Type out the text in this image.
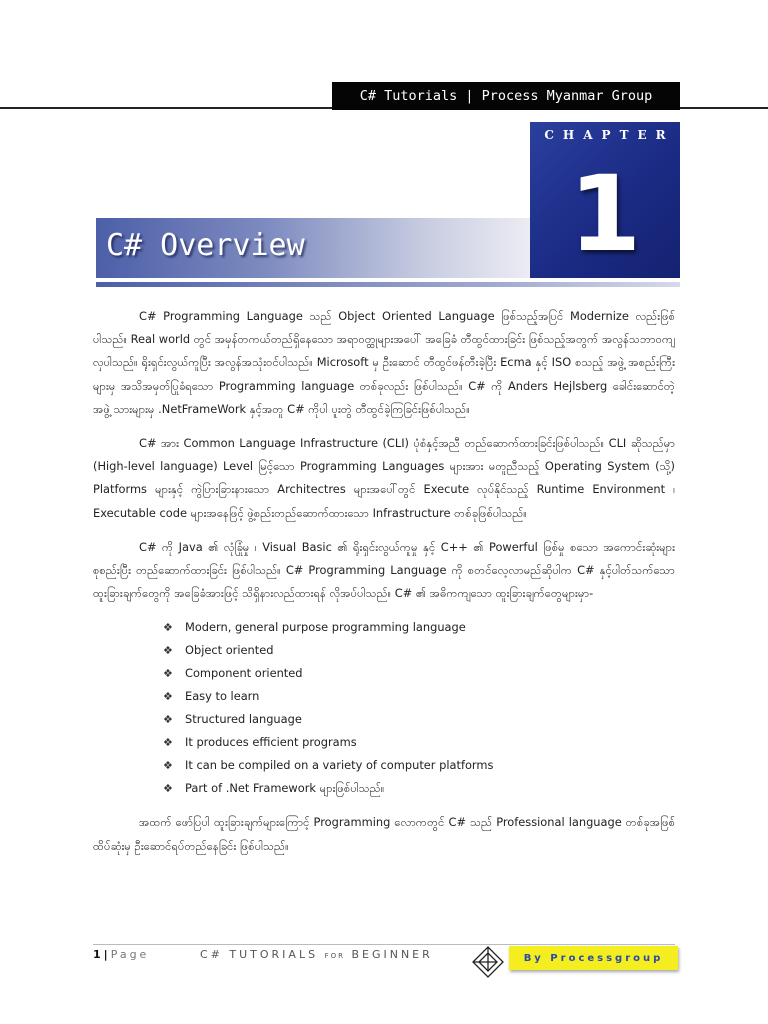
C# Tutorials | Process Myanmar Group
CHAPTER
1
C# Overview

C# Programming Language သည် Object Oriented Language ဖြစ်သည့်အပြင် Modernize လည်းဖြစ်ပါသည်။ Real world တွင် အမှန်တကယ်တည်ရှိနေသော အရာဝတ္ထုများအပေါ် အခြေခံ တီထွင်ထားခြင်း ဖြစ်သည့်အတွက် အလွန်သဘာဝကျလှပါသည်။ ရိုးရှင်းလွယ်ကူပြီး အလွန်အသုံးဝင်ပါသည်။ Microsoft မှ ဦးဆောင် တီထွင်ဖန်တီးခဲ့ပြီး Ecma နှင့် ISO စသည့် အဖွဲ့ အစည်းကြီးများမှ အသိအမှတ်ပြုခံရသော Programming language တစ်ခုလည်း ဖြစ်ပါသည်။ C# ကို Anders Hejlsberg ခေါင်းဆောင်တဲ့ အဖွဲ့ သားများမှ .NetFrameWork နှင့်အတူ C# ကိုပါ ပူးတွဲ တီထွင်ခဲ့ကြခြင်းဖြစ်ပါသည်။

C# အား Common Language Infrastructure (CLI) ပုံစံနှင့်အညီ တည်ဆောက်ထားခြင်းဖြစ်ပါသည်။ CLI ဆိုသည်မှာ (High-level language) Level မြင့်သော Programming Languages များအား မတူညီသည့် Operating System (သို့) Platforms များနှင့် ကွဲပြားခြားနားသော Architectres များအပေါ်တွင် Execute လုပ်နိုင်သည့် Runtime Environment ၊ Executable code များအနေဖြင့် ဖွဲ့စည်းတည်ဆောက်ထားသော Infrastructure တစ်ခုဖြစ်ပါသည်။

C# ကို Java ၏ လုံခြုံမှု ၊ Visual Basic ၏ ရိုးရှင်းလွယ်ကူမှု နှင့် C++ ၏ Powerful ဖြစ်မှု စသော အကောင်းဆုံးများ စုစည်းပြီး တည်ဆောက်ထားခြင်း ဖြစ်ပါသည်။ C# Programming Language ကို စတင်လေ့လာမည်ဆိုပါက C# နှင့်ပါတ်သက်သော ထူးခြားချက်တွေကို အခြေခံအားဖြင့် သိရှိနားလည်ထားရန် လိုအပ်ပါသည်။ C# ၏ အဓိကကျသော ထူးခြားချက်တွေများမှာ-

❖	Modern, general purpose programming language
❖	Object oriented
❖	Component oriented
❖	Easy to learn
❖	Structured language
❖	It produces efficient programs
❖	It can be compiled on a variety of computer platforms
❖	Part of .Net Framework များဖြစ်ပါသည်။

အထက် ဖော်ပြပါ ထူးခြားချက်များကြောင့် Programming လောကတွင် C# သည် Professional language တစ်ခုအဖြစ် ထိပ်ဆုံးမှ ဦးဆောင်ရပ်တည်နေခြင်း ဖြစ်ပါသည်။

1 | Page	C# TUTORIALS FOR BEGINNER	By Processgroup
